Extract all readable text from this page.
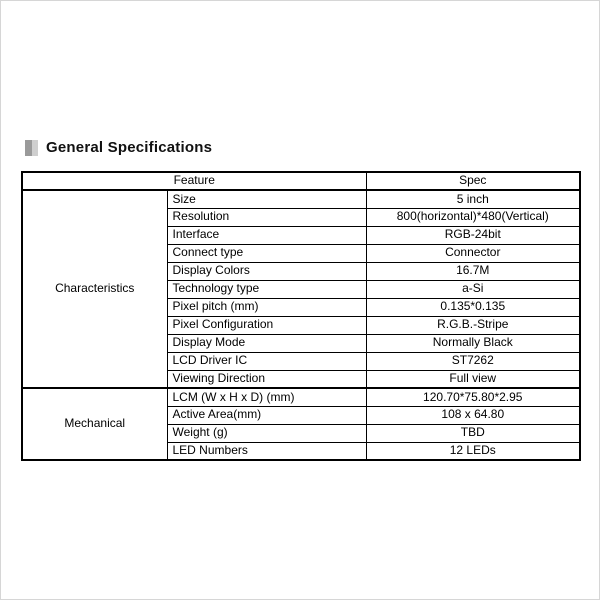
General Specifications
Feature		Spec
Characteristics	Size	5 inch
	Resolution	800(horizontal)*480(Vertical)
	Interface	RGB-24bit
	Connect type	Connector
	Display Colors	16.7M
	Technology type	a-Si
	Pixel pitch (mm)	0.135*0.135
	Pixel Configuration	R.G.B.-Stripe
	Display Mode	Normally Black
	LCD Driver IC	ST7262
	Viewing Direction	Full view
Mechanical	LCM (W x H x D) (mm)	120.70*75.80*2.95
	Active Area(mm)	108 x 64.80
	Weight (g)	TBD
	LED Numbers	12 LEDs
